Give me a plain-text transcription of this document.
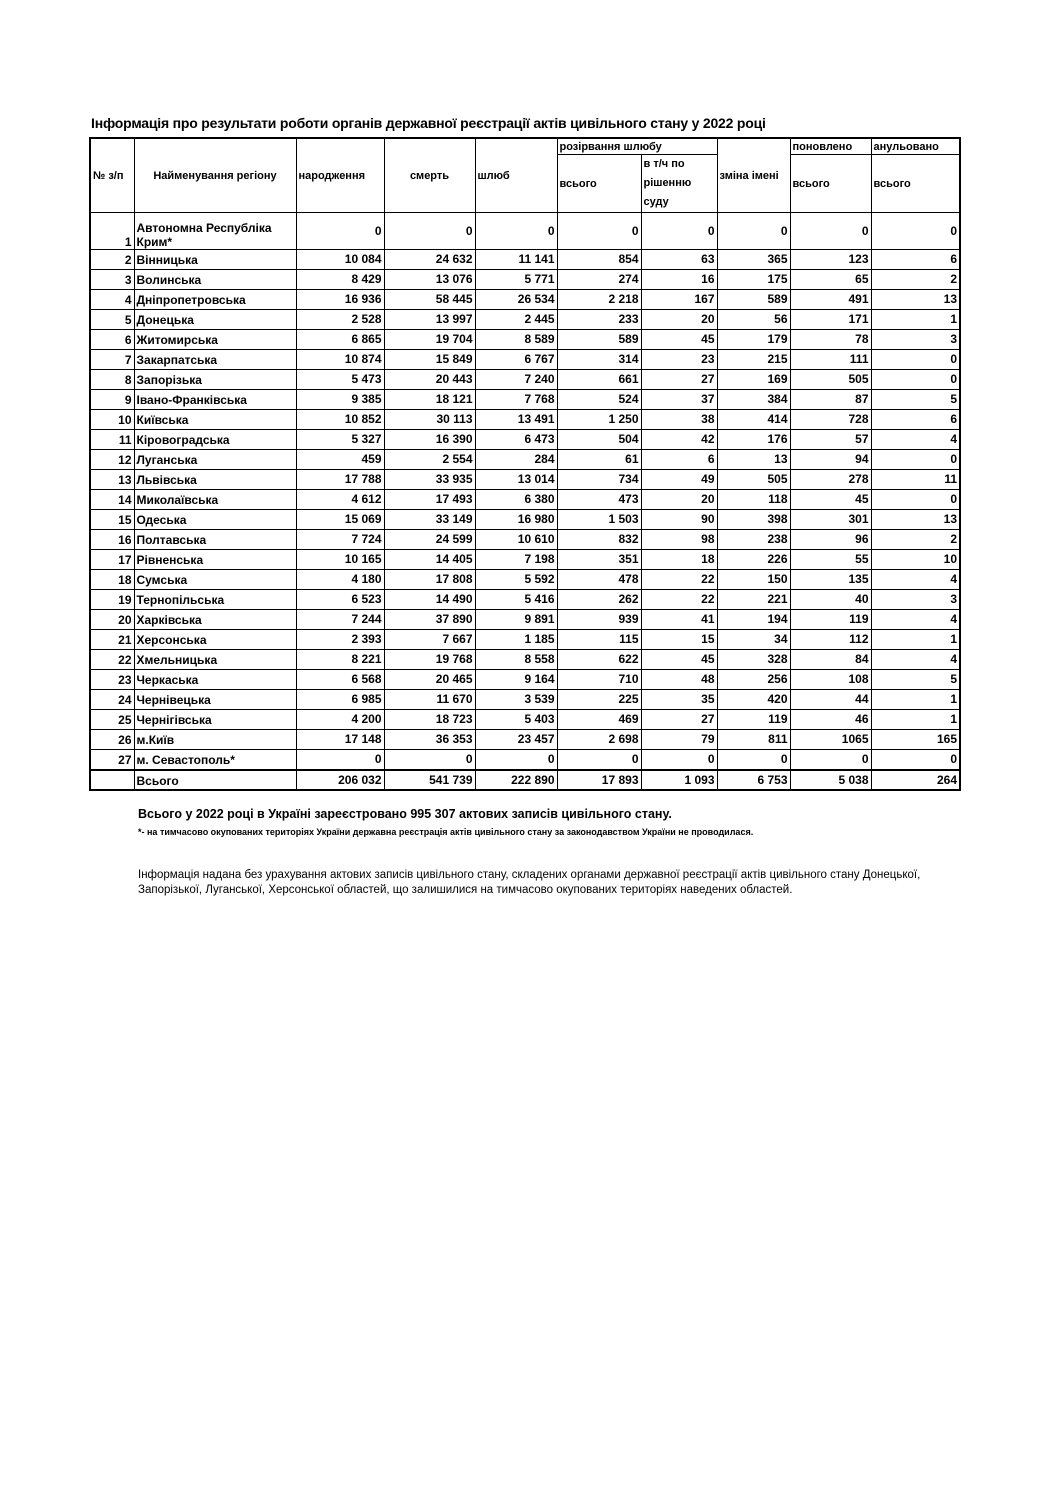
Інформація про результати роботи органів державної реєстрації актів цивільного стану у 2022 році
№ з/п	Найменування регіону	народження	смерть	шлюб	розірвання шлюбу		зміна імені	поновлено	анульовано
					всього	в т/ч по рішенню суду		всього	всього
1	Автономна Республіка Крим*	0	0	0	0	0	0	0	0
2	Вінницька	10 084	24 632	11 141	854	63	365	123	6
3	Волинська	8 429	13 076	5 771	274	16	175	65	2
4	Дніпропетровська	16 936	58 445	26 534	2 218	167	589	491	13
5	Донецька	2 528	13 997	2 445	233	20	56	171	1
6	Житомирська	6 865	19 704	8 589	589	45	179	78	3
7	Закарпатська	10 874	15 849	6 767	314	23	215	111	0
8	Запорізька	5 473	20 443	7 240	661	27	169	505	0
9	Івано-Франківська	9 385	18 121	7 768	524	37	384	87	5
10	Київська	10 852	30 113	13 491	1 250	38	414	728	6
11	Кіровоградська	5 327	16 390	6 473	504	42	176	57	4
12	Луганська	459	2 554	284	61	6	13	94	0
13	Львівська	17 788	33 935	13 014	734	49	505	278	11
14	Миколаївська	4 612	17 493	6 380	473	20	118	45	0
15	Одеська	15 069	33 149	16 980	1 503	90	398	301	13
16	Полтавська	7 724	24 599	10 610	832	98	238	96	2
17	Рівненська	10 165	14 405	7 198	351	18	226	55	10
18	Сумська	4 180	17 808	5 592	478	22	150	135	4
19	Тернопільська	6 523	14 490	5 416	262	22	221	40	3
20	Харківська	7 244	37 890	9 891	939	41	194	119	4
21	Херсонська	2 393	7 667	1 185	115	15	34	112	1
22	Хмельницька	8 221	19 768	8 558	622	45	328	84	4
23	Черкаська	6 568	20 465	9 164	710	48	256	108	5
24	Чернівецька	6 985	11 670	3 539	225	35	420	44	1
25	Чернігівська	4 200	18 723	5 403	469	27	119	46	1
26	м.Київ	17 148	36 353	23 457	2 698	79	811	1065	165
27	м. Севастополь*	0	0	0	0	0	0	0	0
	Всього	206 032	541 739	222 890	17 893	1 093	6 753	5 038	264
Всього у 2022 році в Україні зареєстровано 995 307 актових записів цивільного стану.
*- на тимчасово окупованих територіях України державна реєстрація актів цивільного стану за законодавством України не проводилася.
Інформація надана без урахування актових записів цивільного стану, складених органами державної реєстрації актів цивільного стану Донецької, Запорізької, Луганської, Херсонської областей, що залишилися на тимчасово окупованих територіях наведених областей.
